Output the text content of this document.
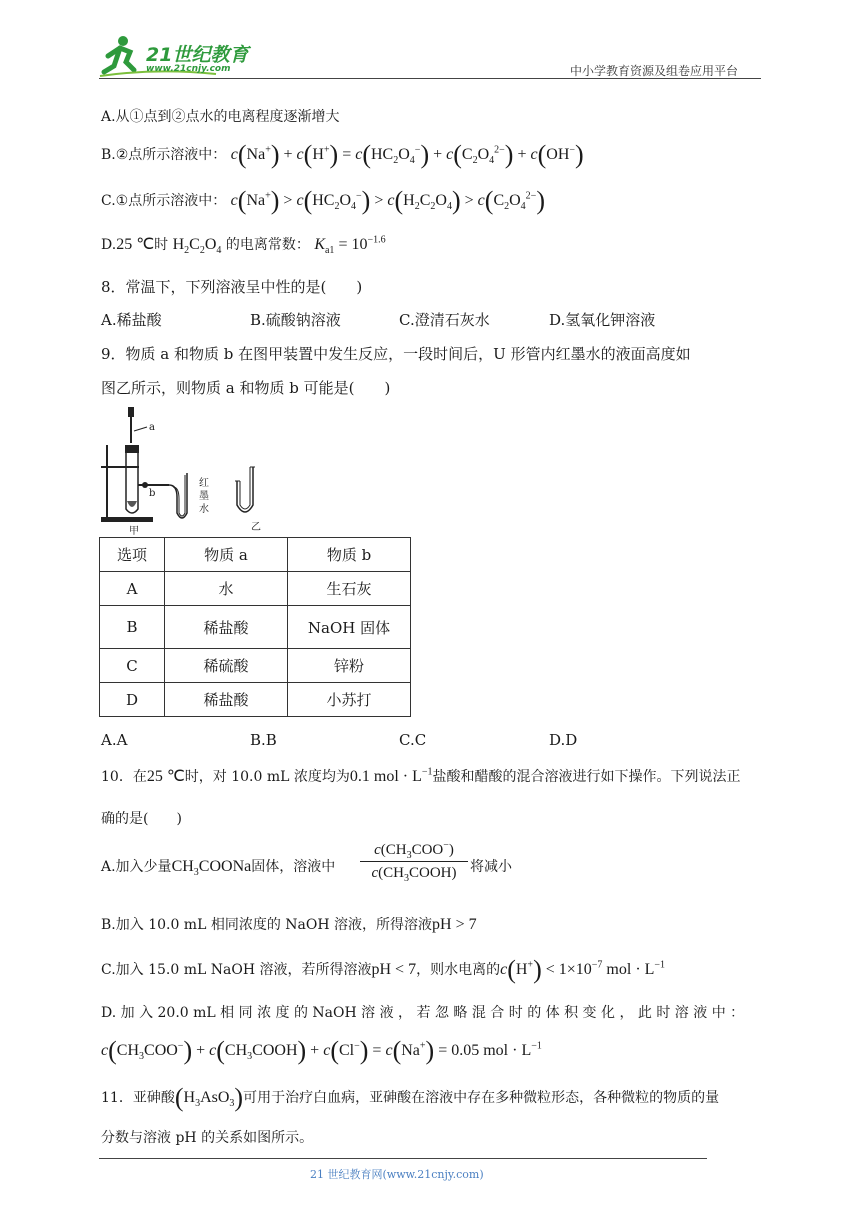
21世纪教育
www.21cnjy.com	中小学教育资源及组卷应用平台
A.从①点到②点水的电离程度逐渐增大
B.②点所示溶液中： $c(Na^+) + c(H^+) = c(HC_2O_4^-) + c(C_2O_4^{2-}) + c(OH^-)$
C.①点所示溶液中： $c(Na^+) > c(HC_2O_4^-) > c(H_2C_2O_4) > c(C_2O_4^{2-})$
D.25 ℃时 $H_2C_2O_4$ 的电离常数： $K_{a1} = 10^{-1.6}$
8．常温下，下列溶液呈中性的是(　　)
A.稀盐酸	B.硫酸钠溶液	C.澄清石灰水	D.氢氧化钾溶液
9．物质 a 和物质 b 在图甲装置中发生反应，一段时间后，U 形管内红墨水的液面高度如
图乙所示，则物质 a 和物质 b 可能是(　　)
a
b
红
墨
水
甲	乙
选项	物质 a	物质 b
A	水	生石灰
B	稀盐酸	NaOH 固体
C	稀硫酸	锌粉
D	稀盐酸	小苏打
A.A	B.B	C.C	D.D
10．在25 ℃时，对 10.0 mL 浓度均为0.1 mol · $L^{-1}$盐酸和醋酸的混合溶液进行如下操作。下列说法正
确的是(　　)
A.加入少量$CH_3COONa$固体，溶液中
$c(CH_3COO^-)$
$c(CH_3COOH)$ 将减小
B.加入 10.0 mL 相同浓度的 NaOH 溶液，所得溶液pH > 7
C.加入 15.0 mL NaOH 溶液，若所得溶液pH < 7，则水电离的$c(H^+) < 1\times 10^{-7}$ mol · $L^{-1}$
D. 加 入 20.0 mL 相 同 浓 度 的 NaOH 溶 液 ， 若 忽 略 混 合 时 的 体 积 变 化 ， 此 时 溶 液 中 ：
$c(CH_3COO^-)$ + $c(CH_3COOH) + c(Cl^-) = c(Na^+) = 0.05$ mol · $L^{-1}$
11．亚砷酸$(H_3AsO_3)$可用于治疗白血病，亚砷酸在溶液中存在多种微粒形态，各种微粒的物质的量
分数与溶液 pH 的关系如图所示。
21 世纪教育网(www.21cnjy.com)
